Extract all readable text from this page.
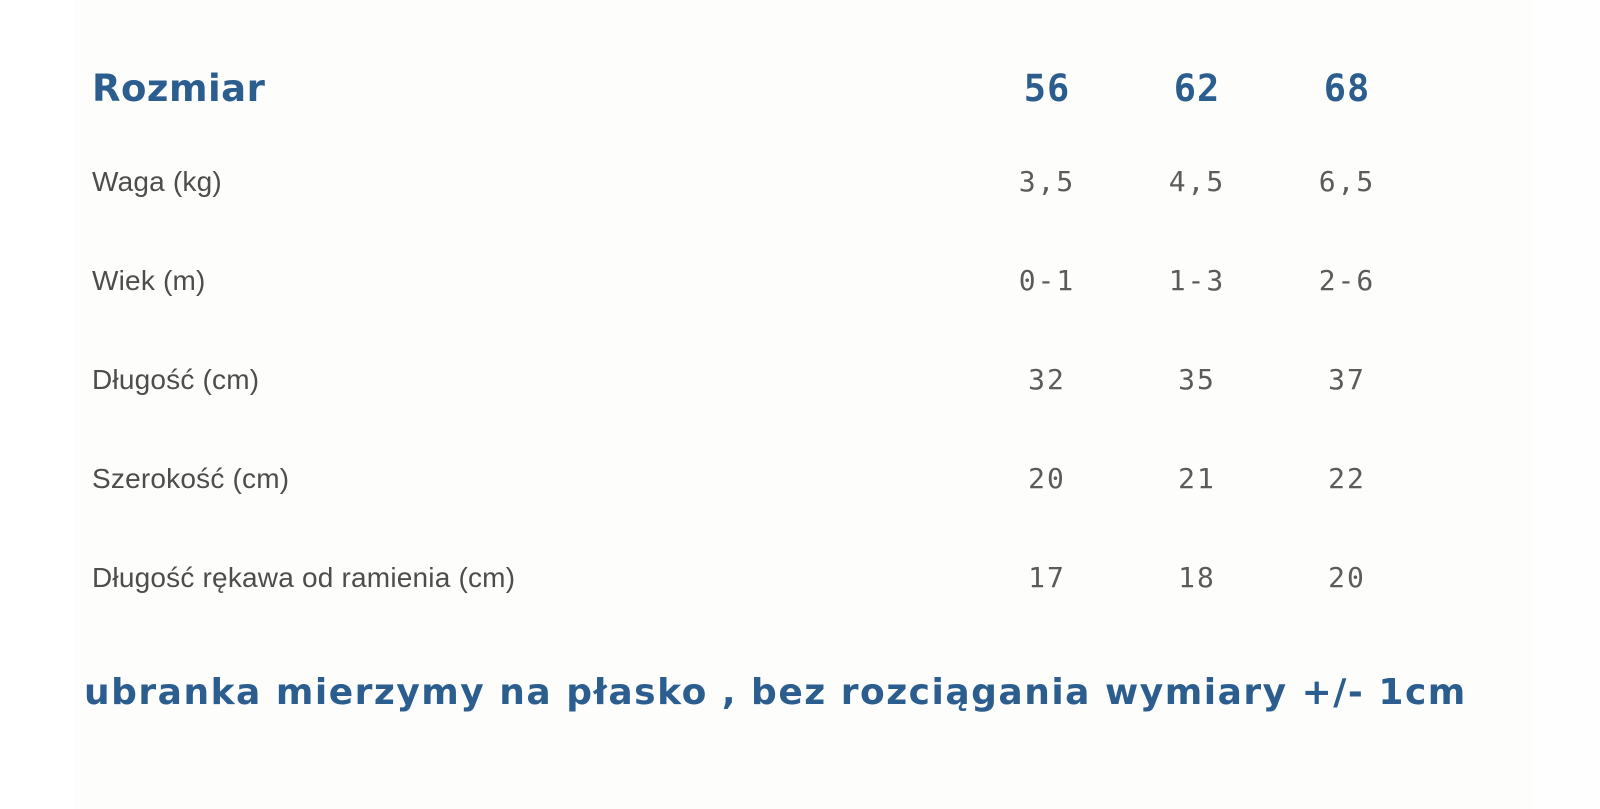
Rozmiar	56	62	68
Waga (kg)	3,5	4,5	6,5
Wiek (m)	0-1	1-3	2-6
Długość (cm)	32	35	37
Szerokość (cm)	20	21	22
Długość rękawa od ramienia (cm)	17	18	20
ubranka mierzymy na płasko , bez rozciągania wymiary +/- 1cm
